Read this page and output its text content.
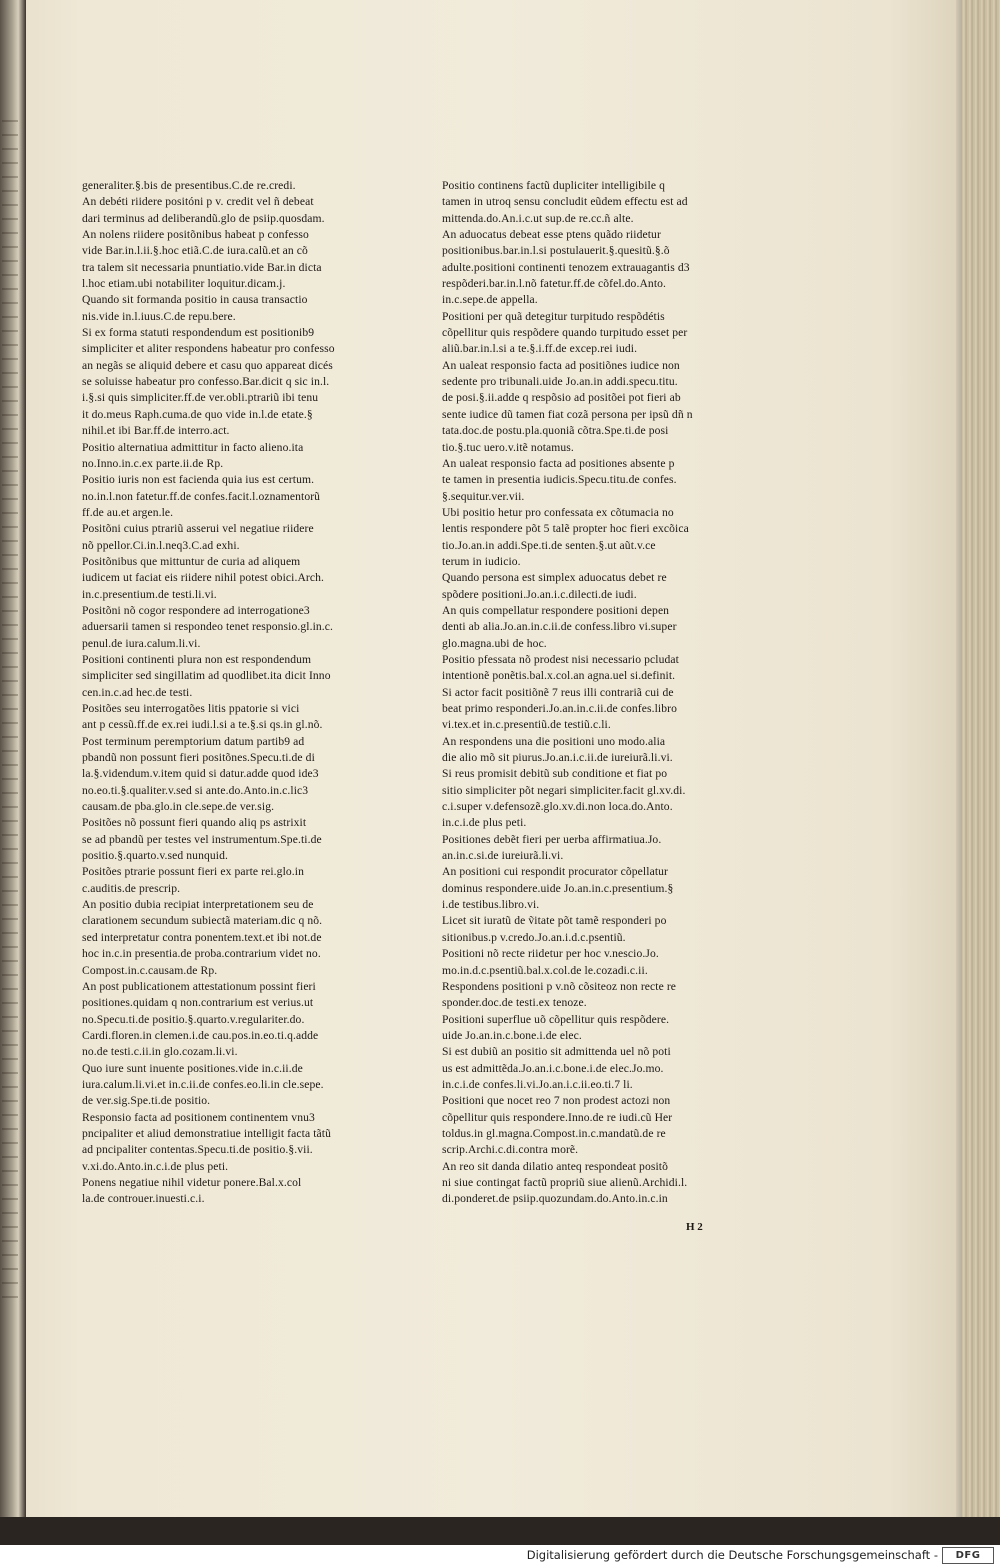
generaliter.§.bis de presentibus.C.de re.credi.
An debéti riidere positóni p v. credit vel ñ debeat
dari terminus ad deliberandũ.glo de psiip.quosdam.
An nolens riidere positõnibus habeat p confesso
vide Bar.in.l.ii.§.hoc etiã.C.de iura.calũ.et an cõ
tra talem sit necessaria pnuntiatio.vide Bar.in dicta
l.hoc etiam.ubi notabiliter loquitur.dicam.j.
Quando sit formanda positio in causa transactio
nis.vide in.l.iuus.C.de repu.bere.
Si ex forma statuti respondendum est positionib9
simpliciter et aliter respondens habeatur pro confesso
an negãs se aliquid debere et casu quo appareat dicés
se soluisse habeatur pro confesso.Bar.dicit q sic in.l.
i.§.si quis simpliciter.ff.de ver.obli.ptrariũ ibi tenu
it do.meus Raph.cuma.de quo vide in.l.de etate.§
nihil.et ibi Bar.ff.de interro.act.
Positio alternatiua admittitur in facto alieno.ita
no.Inno.in.c.ex parte.ii.de Rp.
Positio iuris non est facienda quia ius est certum.
no.in.l.non fatetur.ff.de confes.facit.l.oznamentorũ
ff.de au.et argen.le.
Positõni cuius ptrariũ asserui vel negatiue riidere
nõ ppellor.Ci.in.l.neq3.C.ad exhi.
Positõnibus que mittuntur de curia ad aliquem
iudicem ut faciat eis riidere nihil potest obici.Arch.
in.c.presentium.de testi.li.vi.
Positõni nõ cogor respondere ad interrogatione3
aduersarii tamen si respondeo tenet responsio.gl.in.c.
penul.de iura.calum.li.vi.
Positioni continenti plura non est respondendum
simpliciter sed singillatim ad quodlibet.ita dicit Inno
cen.in.c.ad hec.de testi.
Positões seu interrogatões litis ppatorie si vici
ant p cessũ.ff.de ex.rei iudi.l.si a te.§.si qs.in gl.nõ.
Post terminum peremptorium datum partib9 ad
pbandũ non possunt fieri positõnes.Specu.ti.de di
la.§.videndum.v.item quid si datur.adde quod ide3
no.eo.ti.§.qualiter.v.sed si ante.do.Anto.in.c.lic3
causam.de pba.glo.in cle.sepe.de ver.sig.
Positões nõ possunt fieri quando aliq ps astrixit
se ad pbandũ per testes vel instrumentum.Spe.ti.de
positio.§.quarto.v.sed nunquid.
Positões ptrarie possunt fieri ex parte rei.glo.in
c.auditis.de prescrip.
An positio dubia recipiat interpretationem seu de
clarationem secundum subiectã materiam.dic q nõ.
sed interpretatur contra ponentem.text.et ibi not.de
hoc in.c.in presentia.de proba.contrarium videt no.
Compost.in.c.causam.de Rp.
An post publicationem attestationum possint fieri
positiones.quidam q non.contrarium est verius.ut
no.Specu.ti.de positio.§.quarto.v.regulariter.do.
Cardi.floren.in clemen.i.de cau.pos.in.eo.ti.q.adde
no.de testi.c.ii.in glo.cozam.li.vi.
Quo iure sunt inuente positiones.vide in.c.ii.de
iura.calum.li.vi.et in.c.ii.de confes.eo.li.in cle.sepe.
de ver.sig.Spe.ti.de positio.
Responsio facta ad positionem continentem vnu3
pncipaliter et aliud demonstratiue intelligit facta tãtũ
ad pncipaliter contentas.Specu.ti.de positio.§.vii.
v.xi.do.Anto.in.c.i.de plus peti.
Ponens negatiue nihil videtur ponere.Bal.x.col
la.de controuer.inuesti.c.i.
Positio continens factũ dupliciter intelligibile q
tamen in utroq sensu concludit eũdem effectu est ad
mittenda.do.An.i.c.ut sup.de re.cc.ñ alte.
An aduocatus debeat esse ptens quãdo riidetur
positionibus.bar.in.l.si postulauerit.§.quesitũ.§.õ
adulte.positioni continenti tenozem extrauagantis d3
respõderi.bar.in.l.nõ fatetur.ff.de cõfel.do.Anto.
in.c.sepe.de appella.
Positioni per quã detegitur turpitudo respõdétis
cõpellitur quis respõdere quando turpitudo esset per
aliũ.bar.in.l.si a te.§.i.ff.de excep.rei iudi.
An ualeat responsio facta ad positiõnes iudice non
sedente pro tribunali.uide Jo.an.in addi.specu.titu.
de posi.§.ii.adde q respõsio ad positõei pot fieri ab
sente iudice dũ tamen fiat cozã persona per ipsũ dñ n
tata.doc.de postu.pla.quoniã cõtra.Spe.ti.de posi
tio.§.tuc uero.v.itẽ notamus.
An ualeat responsio facta ad positiones absente p
te tamen in presentia iudicis.Specu.titu.de confes.
§.sequitur.ver.vii.
Ubi positio hetur pro confessata ex cõtumacia no
lentis respondere põt 5 talẽ propter hoc fieri excõica
tio.Jo.an.in addi.Spe.ti.de senten.§.ut aũt.v.ce
terum in iudicio.
Quando persona est simplex aduocatus debet re
spõdere positioni.Jo.an.i.c.dilecti.de iudi.
An quis compellatur respondere positioni depen
denti ab alia.Jo.an.in.c.ii.de confess.libro vi.super
glo.magna.ubi de hoc.
Positio pfessata nõ prodest nisi necessario pcludat
intentionẽ ponẽtis.bal.x.col.an agna.uel si.definit.
Si actor facit positiõnẽ 7 reus illi contrariã cui de
beat primo responderi.Jo.an.in.c.ii.de confes.libro
vi.tex.et in.c.presentiũ.de testiũ.c.li.
An respondens una die positioni uno modo.alia
die alio mõ sit piurus.Jo.an.i.c.ii.de iureiurã.li.vi.
Si reus promisit debitũ sub conditione et fiat po
sitio simpliciter põt negari simpliciter.facit gl.xv.di.
c.i.super v.defensozẽ.glo.xv.di.non loca.do.Anto.
in.c.i.de plus peti.
Positiones debẽt fieri per uerba affirmatiua.Jo.
an.in.c.si.de iureiurã.li.vi.
An positioni cui respondit procurator cõpellatur
dominus respondere.uide Jo.an.in.c.presentium.§
i.de testibus.libro.vi.
Licet sit iuratũ de ṽitate põt tamẽ responderi po
sitionibus.p v.credo.Jo.an.i.d.c.psentiũ.
Positioni nõ recte riidetur per hoc v.nescio.Jo.
mo.in.d.c.psentiũ.bal.x.col.de le.cozadi.c.ii.
Respondens positioni p v.nõ cõsiteoz non recte re
sponder.doc.de testi.ex tenoze.
Positioni superflue uõ cõpellitur quis respõdere.
uide Jo.an.in.c.bone.i.de elec.
Si est dubiũ an positio sit admittenda uel nõ poti
us est admittẽda.Jo.an.i.c.bone.i.de elec.Jo.mo.
in.c.i.de confes.li.vi.Jo.an.i.c.ii.eo.ti.7 li.
Positioni que nocet reo 7 non prodest actozi non
cõpellitur quis respondere.Inno.de re iudi.cũ Her
toldus.in gl.magna.Compost.in.c.mandatũ.de re
scrip.Archi.c.di.contra morẽ.
An reo sit danda dilatio anteq respondeat positõ
ni siue contingat factũ propriũ siue alienũ.Archidi.l.
di.ponderet.de psiip.quozundam.do.Anto.in.c.in
H 2
Digitalisierung gefördert durch die Deutsche Forschungsgemeinschaft -	DFG
